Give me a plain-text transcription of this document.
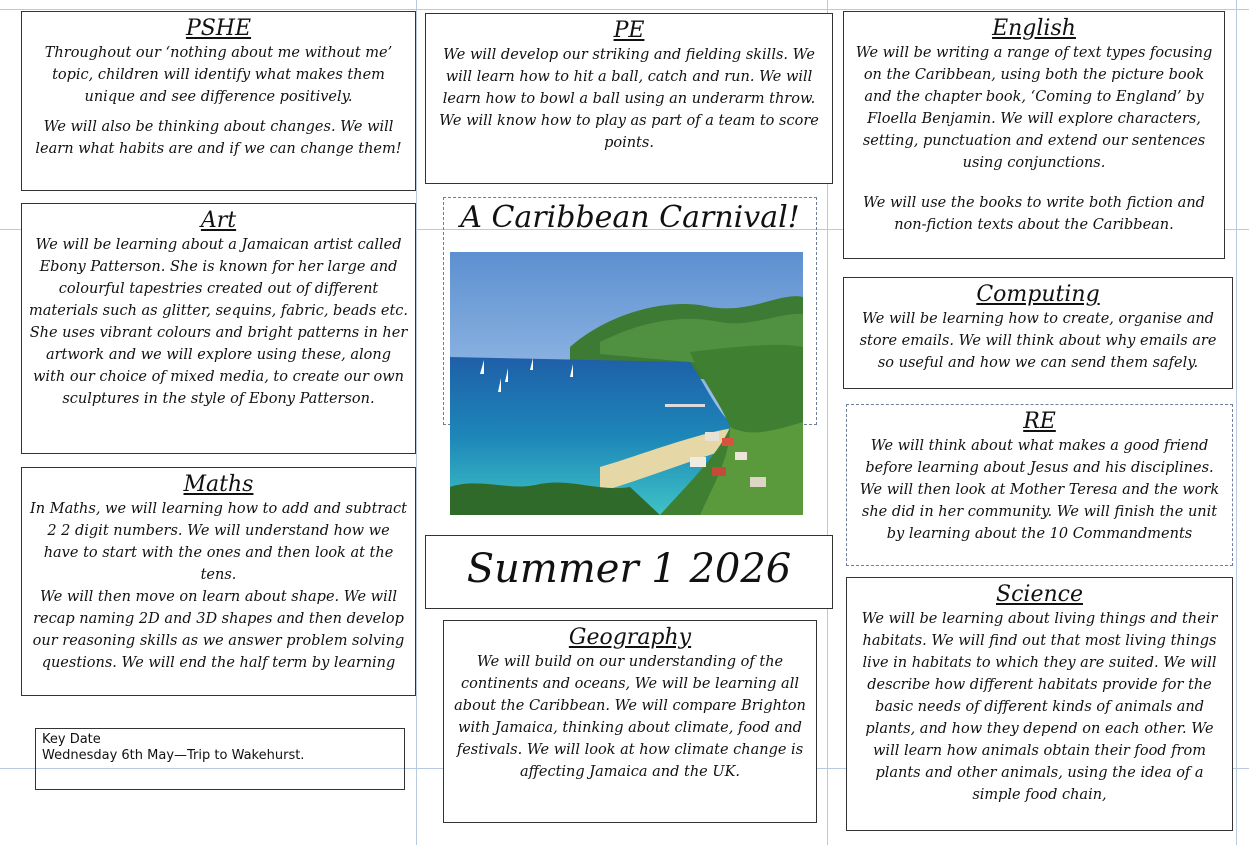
PSHE

Throughout our ‘nothing about me without me’ topic, children will identify what makes them unique and see difference positively.

We will also be thinking about changes. We will learn what habits are and if we can change them!

PE

We will develop our striking and fielding skills. We will learn how to hit a ball, catch and run. We will learn how to bowl a ball using an underarm throw. We will know how to play as part of a team to score points.

English

We will be writing a range of text types focusing on the Caribbean, using both the picture book and the chapter book, ‘Coming to England’ by Floella Benjamin. We will explore characters, setting, punctuation and extend our sentences using conjunctions.

We will use the books to write both fiction and non-fiction texts about the Caribbean.

Art

We will be learning about a Jamaican artist called Ebony Patterson. She is known for her large and colourful tapestries created out of different materials such as glitter, sequins, fabric, beads etc. She uses vibrant colours and bright patterns in her artwork and we will explore using these, along with our choice of mixed media, to create our own sculptures in the style of Ebony Patterson.

A Caribbean Carnival!
Computing

We will be learning how to create, organise and store emails. We will think about why emails are so useful and how we can send them safely.

RE

We will think about what makes a good friend before learning about Jesus and his disciplines. We will then look at Mother Teresa and the work she did in her community. We will finish the unit by learning about the 10 Commandments

Maths

In Maths, we will learning how to add and subtract 2 2 digit numbers. We will understand how we have to start with the ones and then look at the tens.

We will then move on learn about shape. We will recap naming 2D and 3D shapes and then develop our reasoning skills as we answer problem solving questions. We will end the half term by learning

Summer 1 2026
Geography

We will build on our understanding of the continents and oceans, We will be learning all about the Caribbean. We will compare Brighton with Jamaica, thinking about climate, food and festivals. We will look at how climate change is affecting Jamaica and the UK.

Science

We will be learning about living things and their habitats. We will find out that most living things live in habitats to which they are suited. We will describe how different habitats provide for the basic needs of different kinds of animals and plants, and how they depend on each other. We will learn how animals obtain their food from plants and other animals, using the idea of a simple food chain,

Key Date
Wednesday 6th May—Trip to Wakehurst.
